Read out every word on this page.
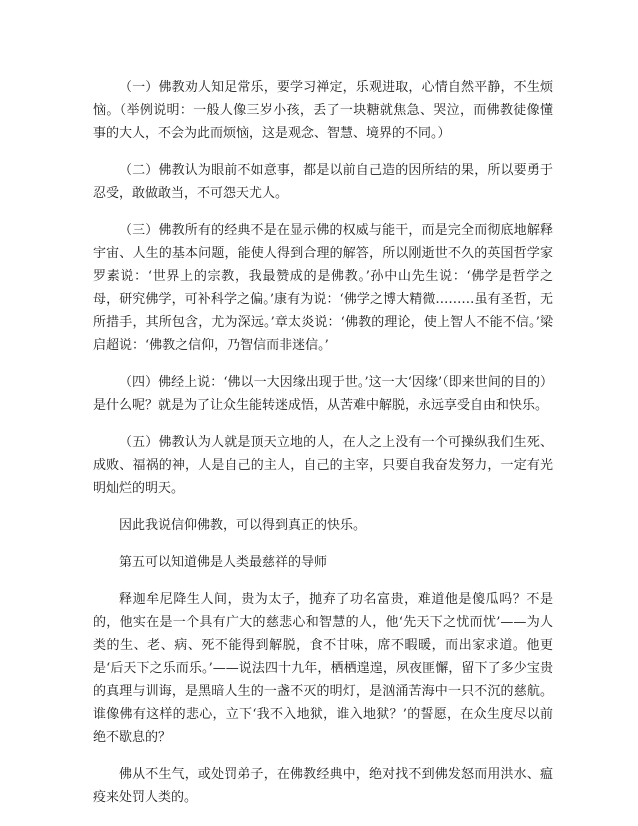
（一）佛教劝人知足常乐，要学习禅定，乐观进取，心情自然平静，不生烦恼。（举例说明：一般人像三岁小孩，丢了一块糖就焦急、哭泣，而佛教徒像懂事的大人，不会为此而烦恼，这是观念、智慧、境界的不同。）

（二）佛教认为眼前不如意事，都是以前自己造的因所结的果，所以要勇于忍受，敢做敢当，不可怨天尤人。

（三）佛教所有的经典不是在显示佛的权威与能干，而是完全而彻底地解释宇宙、人生的基本问题，能使人得到合理的解答，所以刚逝世不久的英国哲学家罗素说：‘世界上的宗教，我最赞成的是佛教。’孙中山先生说：‘佛学是哲学之母，研究佛学，可补科学之偏。’康有为说：‘佛学之博大精微………虽有圣哲，无所措手，其所包含，尤为深远。’章太炎说：‘佛教的理论，使上智人不能不信。’梁启超说：‘佛教之信仰，乃智信而非迷信。’

（四）佛经上说：‘佛以一大因缘出现于世。’这一大‘因缘’（即来世间的目的）是什么呢？就是为了让众生能转迷成悟，从苦难中解脱，永远享受自由和快乐。

（五）佛教认为人就是顶天立地的人，在人之上没有一个可操纵我们生死、成败、福祸的神，人是自己的主人，自己的主宰，只要自我奋发努力，一定有光明灿烂的明天。

因此我说信仰佛教，可以得到真正的快乐。

第五可以知道佛是人类最慈祥的导师

释迦牟尼降生人间，贵为太子，抛弃了功名富贵，难道他是傻瓜吗？不是的，他实在是一个具有广大的慈悲心和智慧的人，他‘先天下之忧而忧’——为人类的生、老、病、死不能得到解脱，食不甘味，席不暇暖，而出家求道。他更是‘后天下之乐而乐。’——说法四十九年，栖栖遑遑，夙夜匪懈，留下了多少宝贵的真理与训诲，是黑暗人生的一盏不灭的明灯，是汹涌苦海中一只不沉的慈航。谁像佛有这样的悲心，立下‘我不入地狱，谁入地狱？’的誓愿，在众生度尽以前绝不歇息的？

佛从不生气，或处罚弟子，在佛教经典中，绝对找不到佛发怒而用洪水、瘟疫来处罚人类的。
